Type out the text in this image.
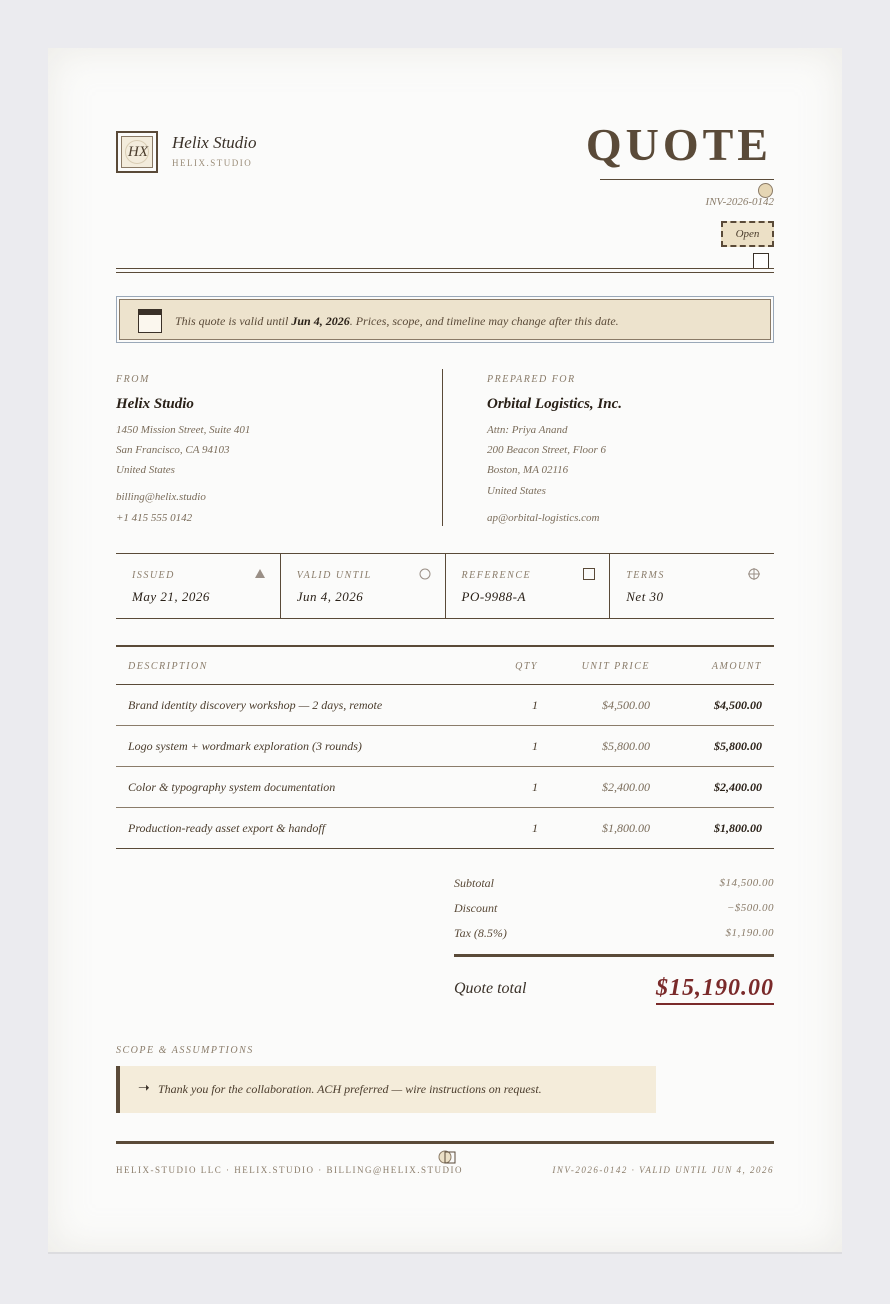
HX	Helix Studio
HELIX.STUDIO	QUOTE
INV-2026-0142
Open
This quote is valid until Jun 4, 2026. Prices, scope, and timeline may change after this date.
FROM
Helix Studio
1450 Mission Street, Suite 401
San Francisco, CA 94103
United States
billing@helix.studio
+1 415 555 0142
PREPARED FOR
Orbital Logistics, Inc.
Attn: Priya Anand
200 Beacon Street, Floor 6
Boston, MA 02116
United States
ap@orbital-logistics.com
ISSUED
May 21, 2026
VALID UNTIL
Jun 4, 2026
REFERENCE
PO-9988-A
TERMS
Net 30
DESCRIPTION	QTY	UNIT PRICE	AMOUNT
Brand identity discovery workshop — 2 days, remote	1	$4,500.00	$4,500.00
Logo system + wordmark exploration (3 rounds)	1	$5,800.00	$5,800.00
Color & typography system documentation	1	$2,400.00	$2,400.00
Production-ready asset export & handoff	1	$1,800.00	$1,800.00
Subtotal	$14,500.00
Discount	−$500.00
Tax (8.5%)	$1,190.00
Quote total	$15,190.00
SCOPE & ASSUMPTIONS
➝ Thank you for the collaboration. ACH preferred — wire instructions on request.
HELIX-STUDIO LLC · HELIX.STUDIO · BILLING@HELIX.STUDIO	INV-2026-0142 · VALID UNTIL JUN 4, 2026
